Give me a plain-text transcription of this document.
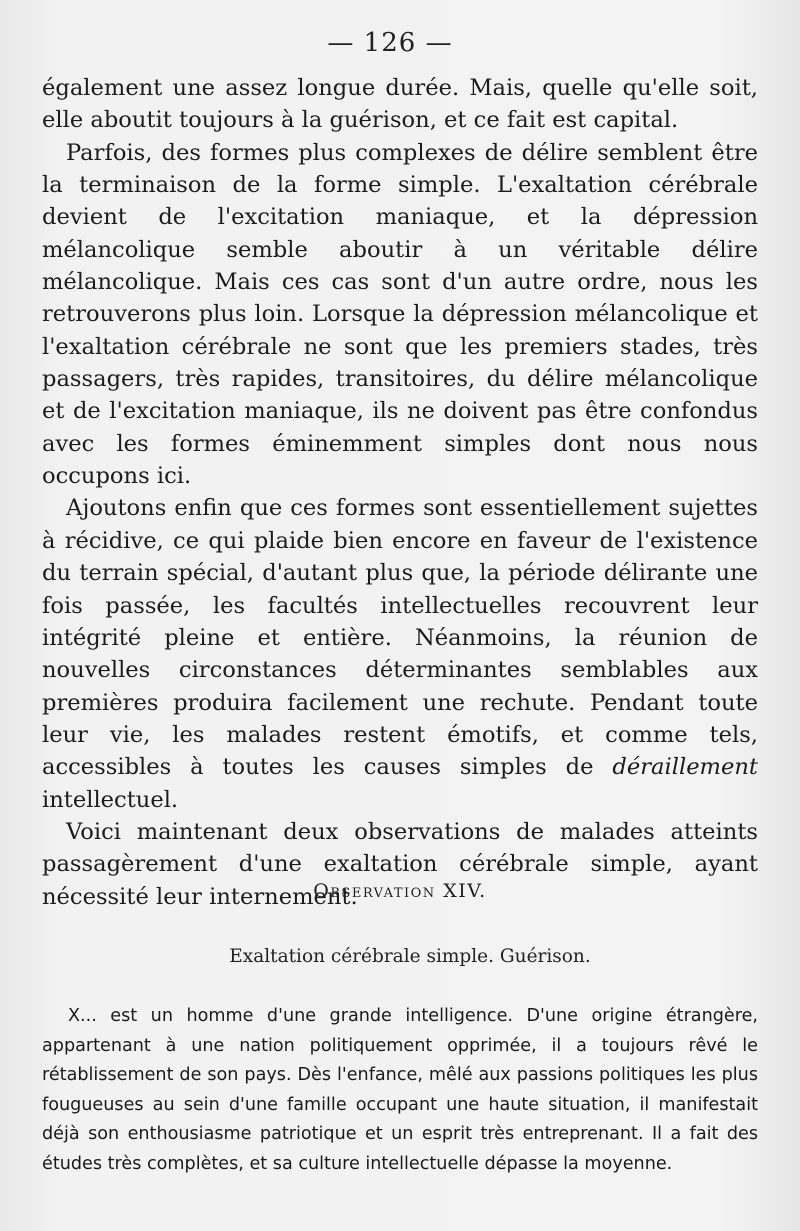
— 126 —

également une assez longue durée. Mais, quelle qu'elle soit, elle aboutit toujours à la guérison, et ce fait est capital.

Parfois, des formes plus complexes de délire semblent être la terminaison de la forme simple. L'exaltation cérébrale devient de l'excitation maniaque, et la dépression mélancolique semble aboutir à un véritable délire mélancolique. Mais ces cas sont d'un autre ordre, nous les retrouverons plus loin. Lorsque la dépression mélancolique et l'exaltation cérébrale ne sont que les premiers stades, très passagers, très rapides, transitoires, du délire mélancolique et de l'excitation maniaque, ils ne doivent pas être confondus avec les formes éminemment simples dont nous nous occupons ici.

Ajoutons enfin que ces formes sont essentiellement sujettes à récidive, ce qui plaide bien encore en faveur de l'existence du terrain spécial, d'autant plus que, la période délirante une fois passée, les facultés intellectuelles recouvrent leur intégrité pleine et entière. Néanmoins, la réunion de nouvelles circonstances déterminantes semblables aux premières produira facilement une rechute. Pendant toute leur vie, les malades restent émotifs, et comme tels, accessibles à toutes les causes simples de déraillement intellectuel.

Voici maintenant deux observations de malades atteints passagèrement d'une exaltation cérébrale simple, ayant nécessité leur internement.

Observation XIV.
Exaltation cérébrale simple. Guérison.

X... est un homme d'une grande intelligence. D'une origine étrangère, appartenant à une nation politiquement opprimée, il a toujours rêvé le rétablissement de son pays. Dès l'enfance, mêlé aux passions politiques les plus fougueuses au sein d'une famille occupant une haute situation, il manifestait déjà son enthousiasme patriotique et un esprit très entreprenant. Il a fait des études très complètes, et sa culture intellectuelle dépasse la moyenne.
